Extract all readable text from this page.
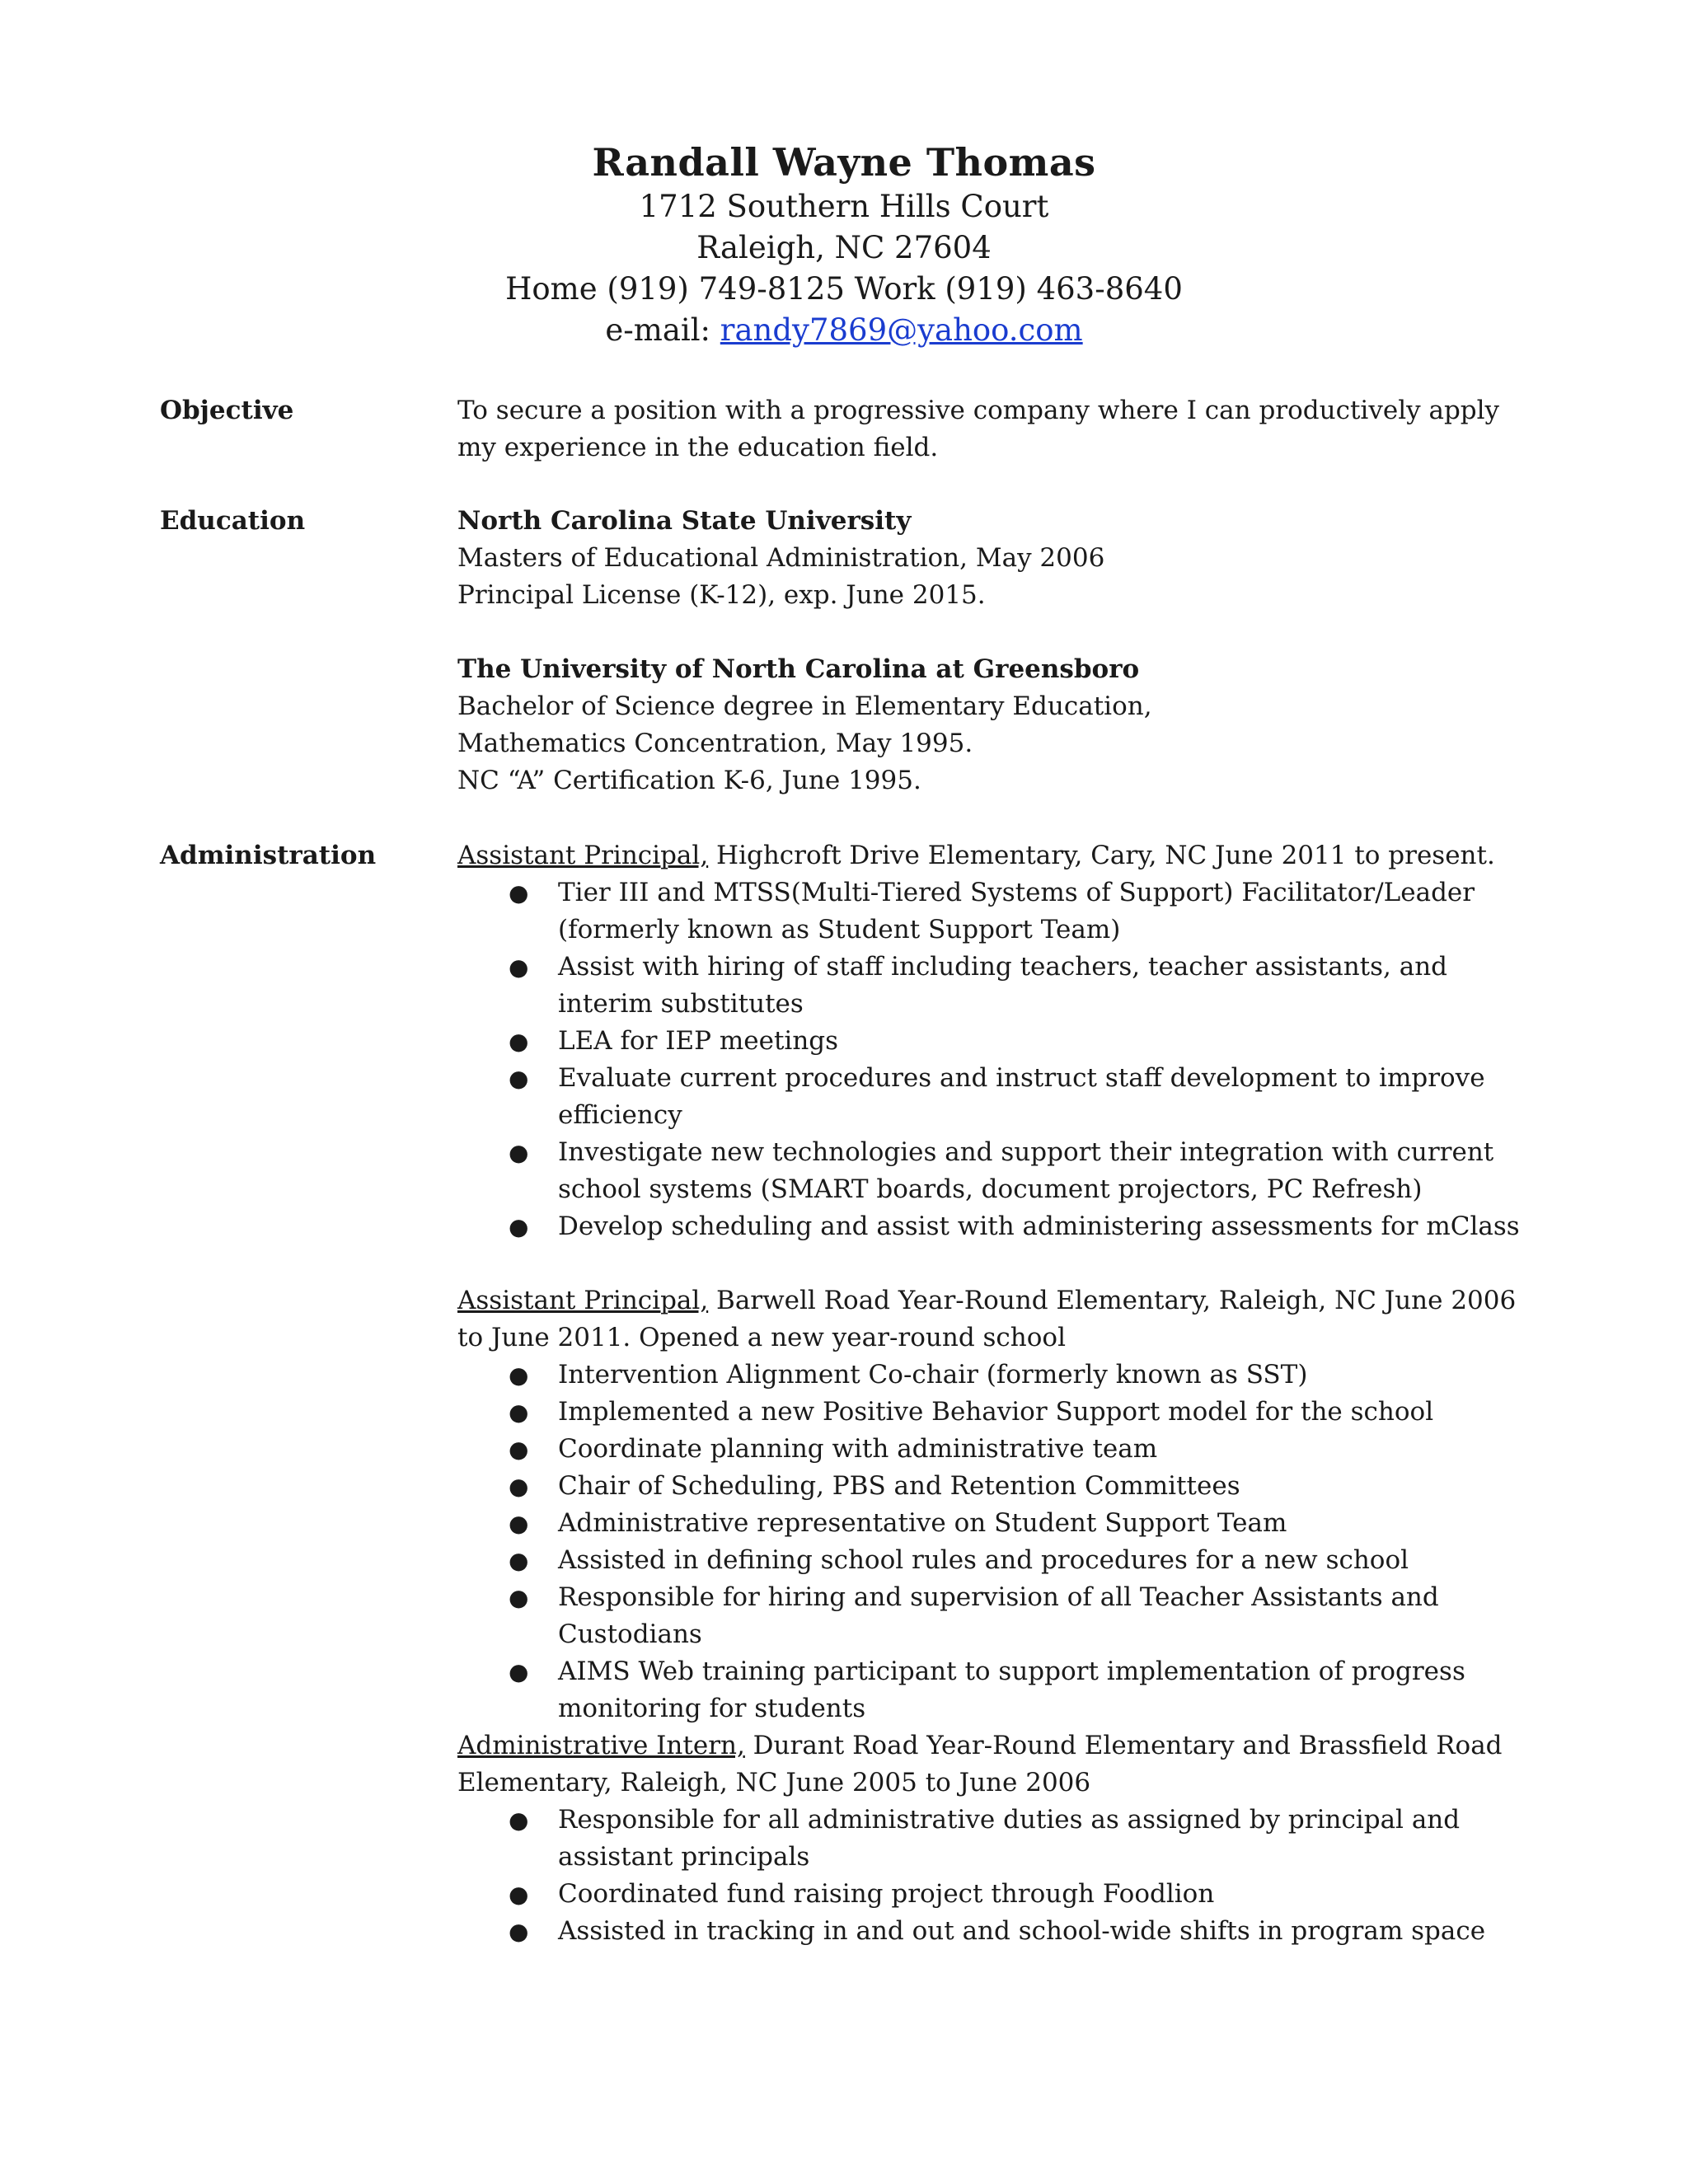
Randall Wayne Thomas

1712 Southern Hills Court

Raleigh, NC 27604

Home (919) 749-8125 Work (919) 463-8640

e-mail: randy7869@yahoo.com

Objective	To secure a position with a progressive company where I can productively apply my experience in the education field.

Education	North Carolina State University

Masters of Educational Administration, May 2006

Principal License (K-12), exp. June 2015.

The University of North Carolina at Greensboro

Bachelor of Science degree in Elementary Education, Mathematics Concentration, May 1995.

NC “A” Certification K-6, June 1995.

Administration	Assistant Principal, Highcroft Drive Elementary, Cary, NC June 2011 to present.

● Tier III and MTSS(Multi-Tiered Systems of Support) Facilitator/Leader (formerly known as Student Support Team)
● Assist with hiring of staff including teachers, teacher assistants, and interim substitutes
● LEA for IEP meetings
● Evaluate current procedures and instruct staff development to improve efficiency
● Investigate new technologies and support their integration with current school systems (SMART boards, document projectors, PC Refresh)
● Develop scheduling and assist with administering assessments for mClass

Assistant Principal, Barwell Road Year-Round Elementary, Raleigh, NC June 2006 to June 2011. Opened a new year-round school

● Intervention Alignment Co-chair (formerly known as SST)
● Implemented a new Positive Behavior Support model for the school
● Coordinate planning with administrative team
● Chair of Scheduling, PBS and Retention Committees
● Administrative representative on Student Support Team
● Assisted in defining school rules and procedures for a new school
● Responsible for hiring and supervision of all Teacher Assistants and Custodians
● AIMS Web training participant to support implementation of progress monitoring for students

Administrative Intern, Durant Road Year-Round Elementary and Brassfield Road Elementary, Raleigh, NC June 2005 to June 2006

● Responsible for all administrative duties as assigned by principal and assistant principals
● Coordinated fund raising project through Foodlion
● Assisted in tracking in and out and school-wide shifts in program space
